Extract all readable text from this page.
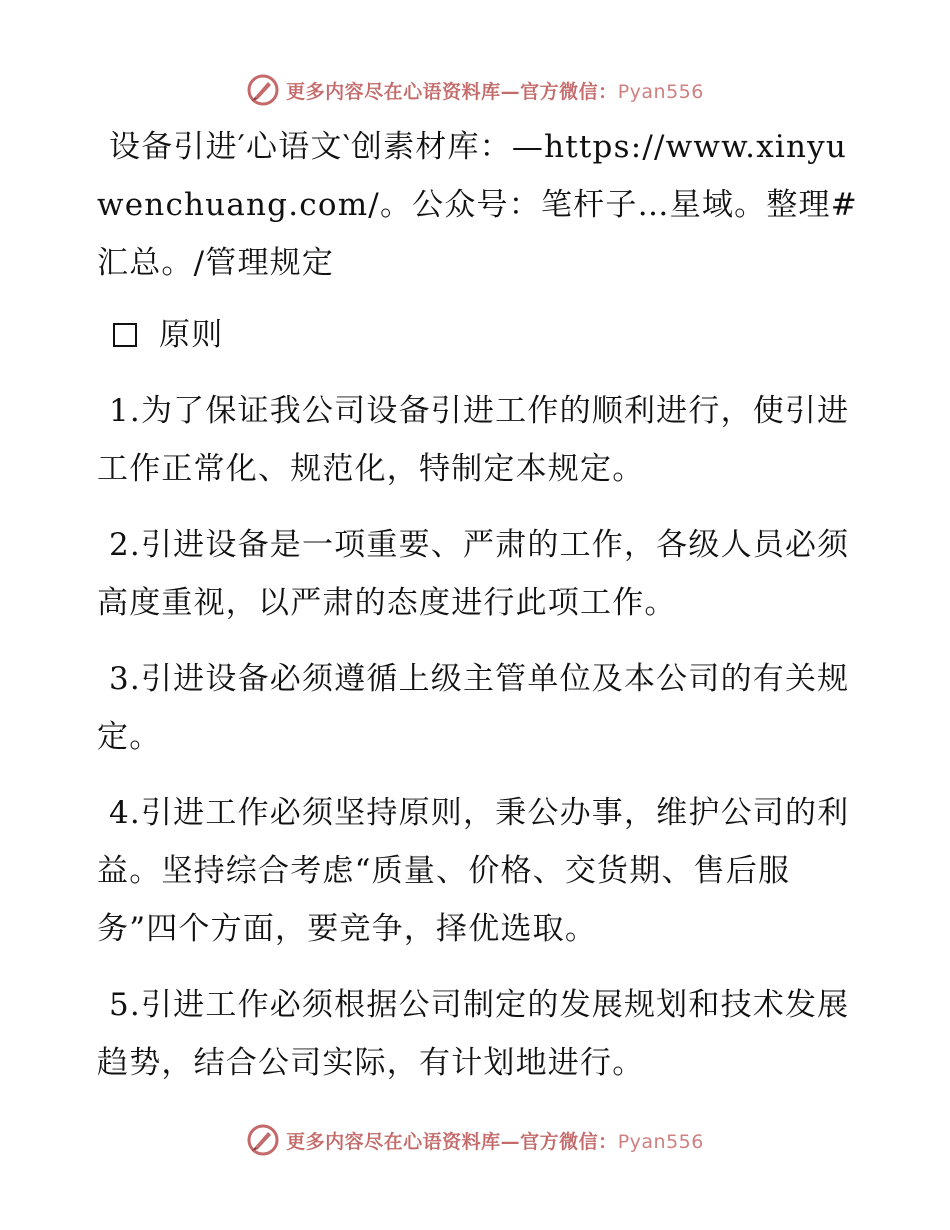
更多内容尽在心语资料库—官方微信：Pyan556

设备引进′心语文‵创素材库：—https://www.xinyuwenchuang.com/。公众号：笔杆子…星域。整理#汇总。/管理规定

原则

1.为了保证我公司设备引进工作的顺利进行，使引进工作正常化、规范化，特制定本规定。

2.引进设备是一项重要、严肃的工作，各级人员必须高度重视，以严肃的态度进行此项工作。

3.引进设备必须遵循上级主管单位及本公司的有关规定。

4.引进工作必须坚持原则，秉公办事，维护公司的利益。坚持综合考虑“质量、价格、交货期、售后服务”四个方面，要竞争，择优选取。

5.引进工作必须根据公司制定的发展规划和技术发展趋势，结合公司实际，有计划地进行。

更多内容尽在心语资料库—官方微信：Pyan556
